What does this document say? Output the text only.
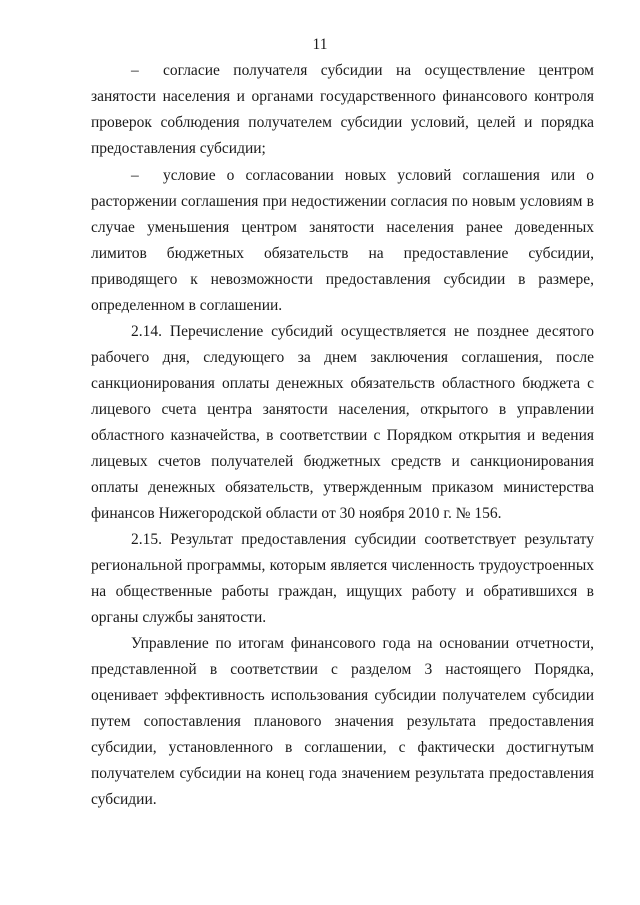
11

– согласие получателя субсидии на осуществление центром занятости населения и органами государственного финансового контроля проверок соблюдения получателем субсидии условий, целей и порядка предоставления субсидии;

– условие о согласовании новых условий соглашения или о расторжении соглашения при недостижении согласия по новым условиям в случае уменьшения центром занятости населения ранее доведенных лимитов бюджетных обязательств на предоставление субсидии, приводящего к невозможности предоставления субсидии в размере, определенном в соглашении.

2.14. Перечисление субсидий осуществляется не позднее десятого рабочего дня, следующего за днем заключения соглашения, после санкционирования оплаты денежных обязательств областного бюджета с лицевого счета центра занятости населения, открытого в управлении областного казначейства, в соответствии с Порядком открытия и ведения лицевых счетов получателей бюджетных средств и санкционирования оплаты денежных обязательств, утвержденным приказом министерства финансов Нижегородской области от 30 ноября 2010 г. № 156.

2.15. Результат предоставления субсидии соответствует результату региональной программы, которым является численность трудоустроенных на общественные работы граждан, ищущих работу и обратившихся в органы службы занятости.

Управление по итогам финансового года на основании отчетности, представленной в соответствии с разделом 3 настоящего Порядка, оценивает эффективность использования субсидии получателем субсидии путем сопоставления планового значения результата предоставления субсидии, установленного в соглашении, с фактически достигнутым получателем субсидии на конец года значением результата предоставления субсидии.
